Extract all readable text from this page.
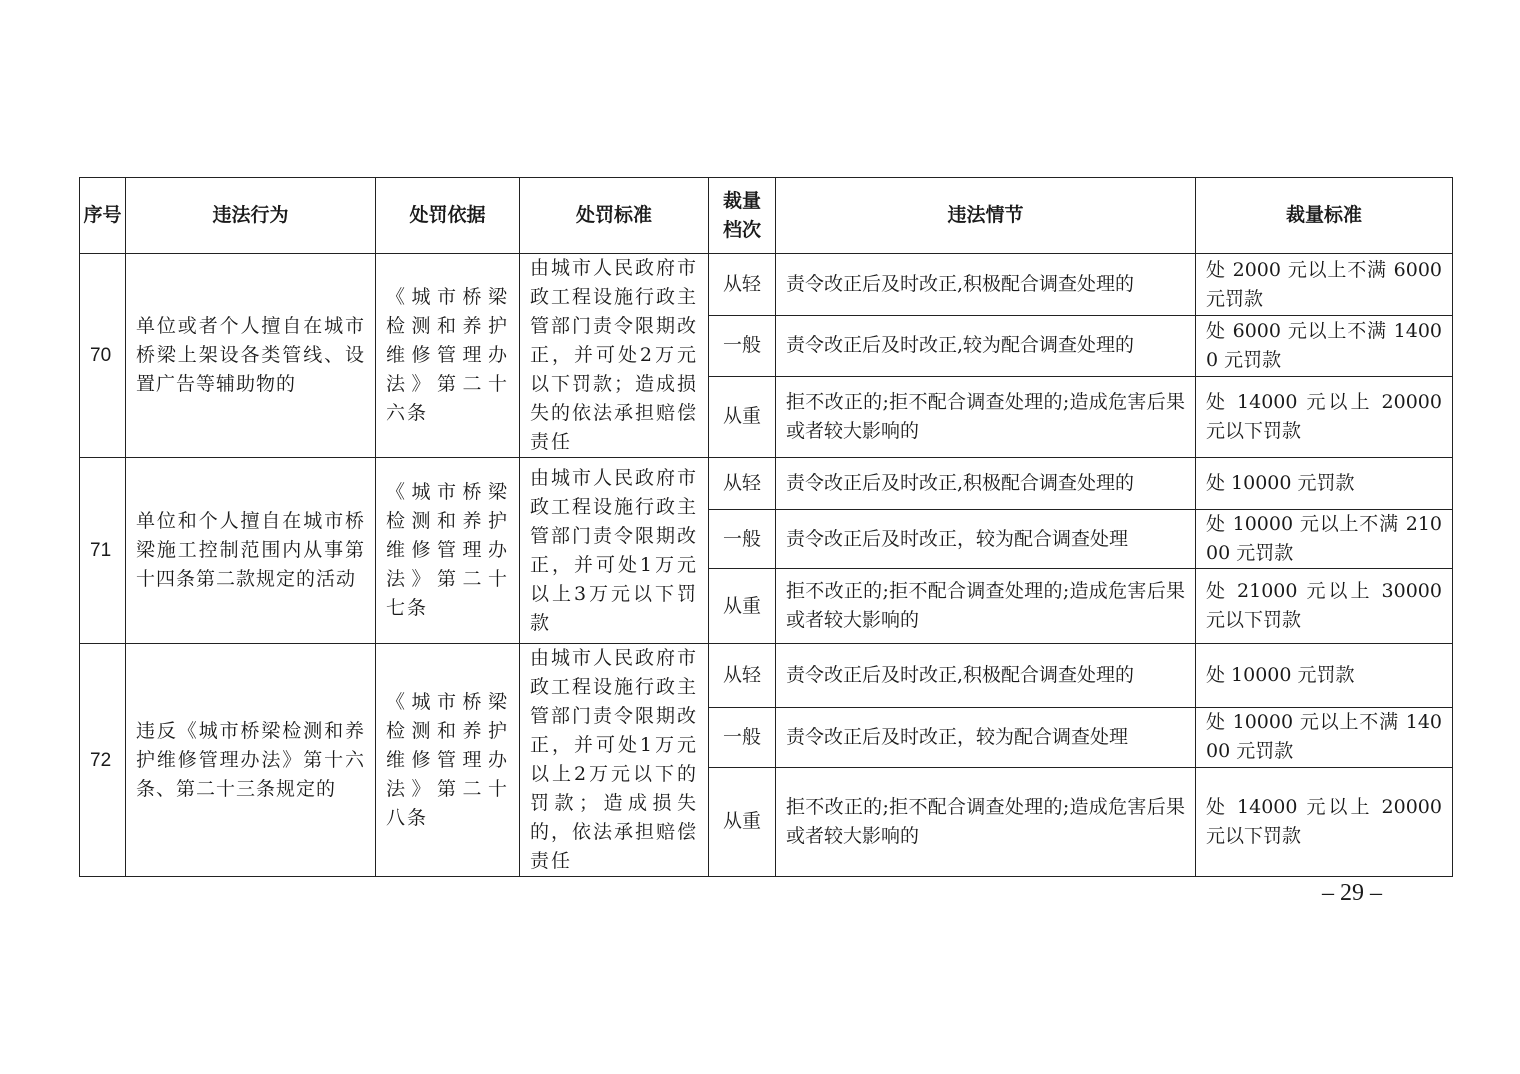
序号	违法行为	处罚依据	处罚标准	裁量档次	违法情节	裁量标准
70	单位或者个人擅自在城市桥梁上架设各类管线、设置广告等辅助物的	《城市桥梁检测和养护维修管理办法》第二十六条	由城市人民政府市政工程设施行政主管部门责令限期改正，并可处2万元以下罚款；造成损失的依法承担赔偿责任	从轻	责令改正后及时改正,积极配合调查处理的	处 2000 元以上不满 6000 元罚款
				一般	责令改正后及时改正,较为配合调查处理的	处 6000 元以上不满 14000 元罚款
				从重	拒不改正的;拒不配合调查处理的;造成危害后果或者较大影响的	处 14000 元以上 20000 元以下罚款
71	单位和个人擅自在城市桥梁施工控制范围内从事第十四条第二款规定的活动	《城市桥梁检测和养护维修管理办法》第二十七条	由城市人民政府市政工程设施行政主管部门责令限期改正，并可处1万元以上3万元以下罚款	从轻	责令改正后及时改正,积极配合调查处理的	处 10000 元罚款
				一般	责令改正后及时改正，较为配合调查处理	处 10000 元以上不满 21000 元罚款
				从重	拒不改正的;拒不配合调查处理的;造成危害后果或者较大影响的	处 21000 元以上 30000 元以下罚款
72	违反《城市桥梁检测和养护维修管理办法》第十六条、第二十三条规定的	《城市桥梁检测和养护维修管理办法》第二十八条	由城市人民政府市政工程设施行政主管部门责令限期改正，并可处1万元以上2万元以下的罚款；造成损失的，依法承担赔偿责任	从轻	责令改正后及时改正,积极配合调查处理的	处 10000 元罚款
				一般	责令改正后及时改正，较为配合调查处理	处 10000 元以上不满 14000 元罚款
				从重	拒不改正的;拒不配合调查处理的;造成危害后果或者较大影响的	处 14000 元以上 20000 元以下罚款
– 29 –
